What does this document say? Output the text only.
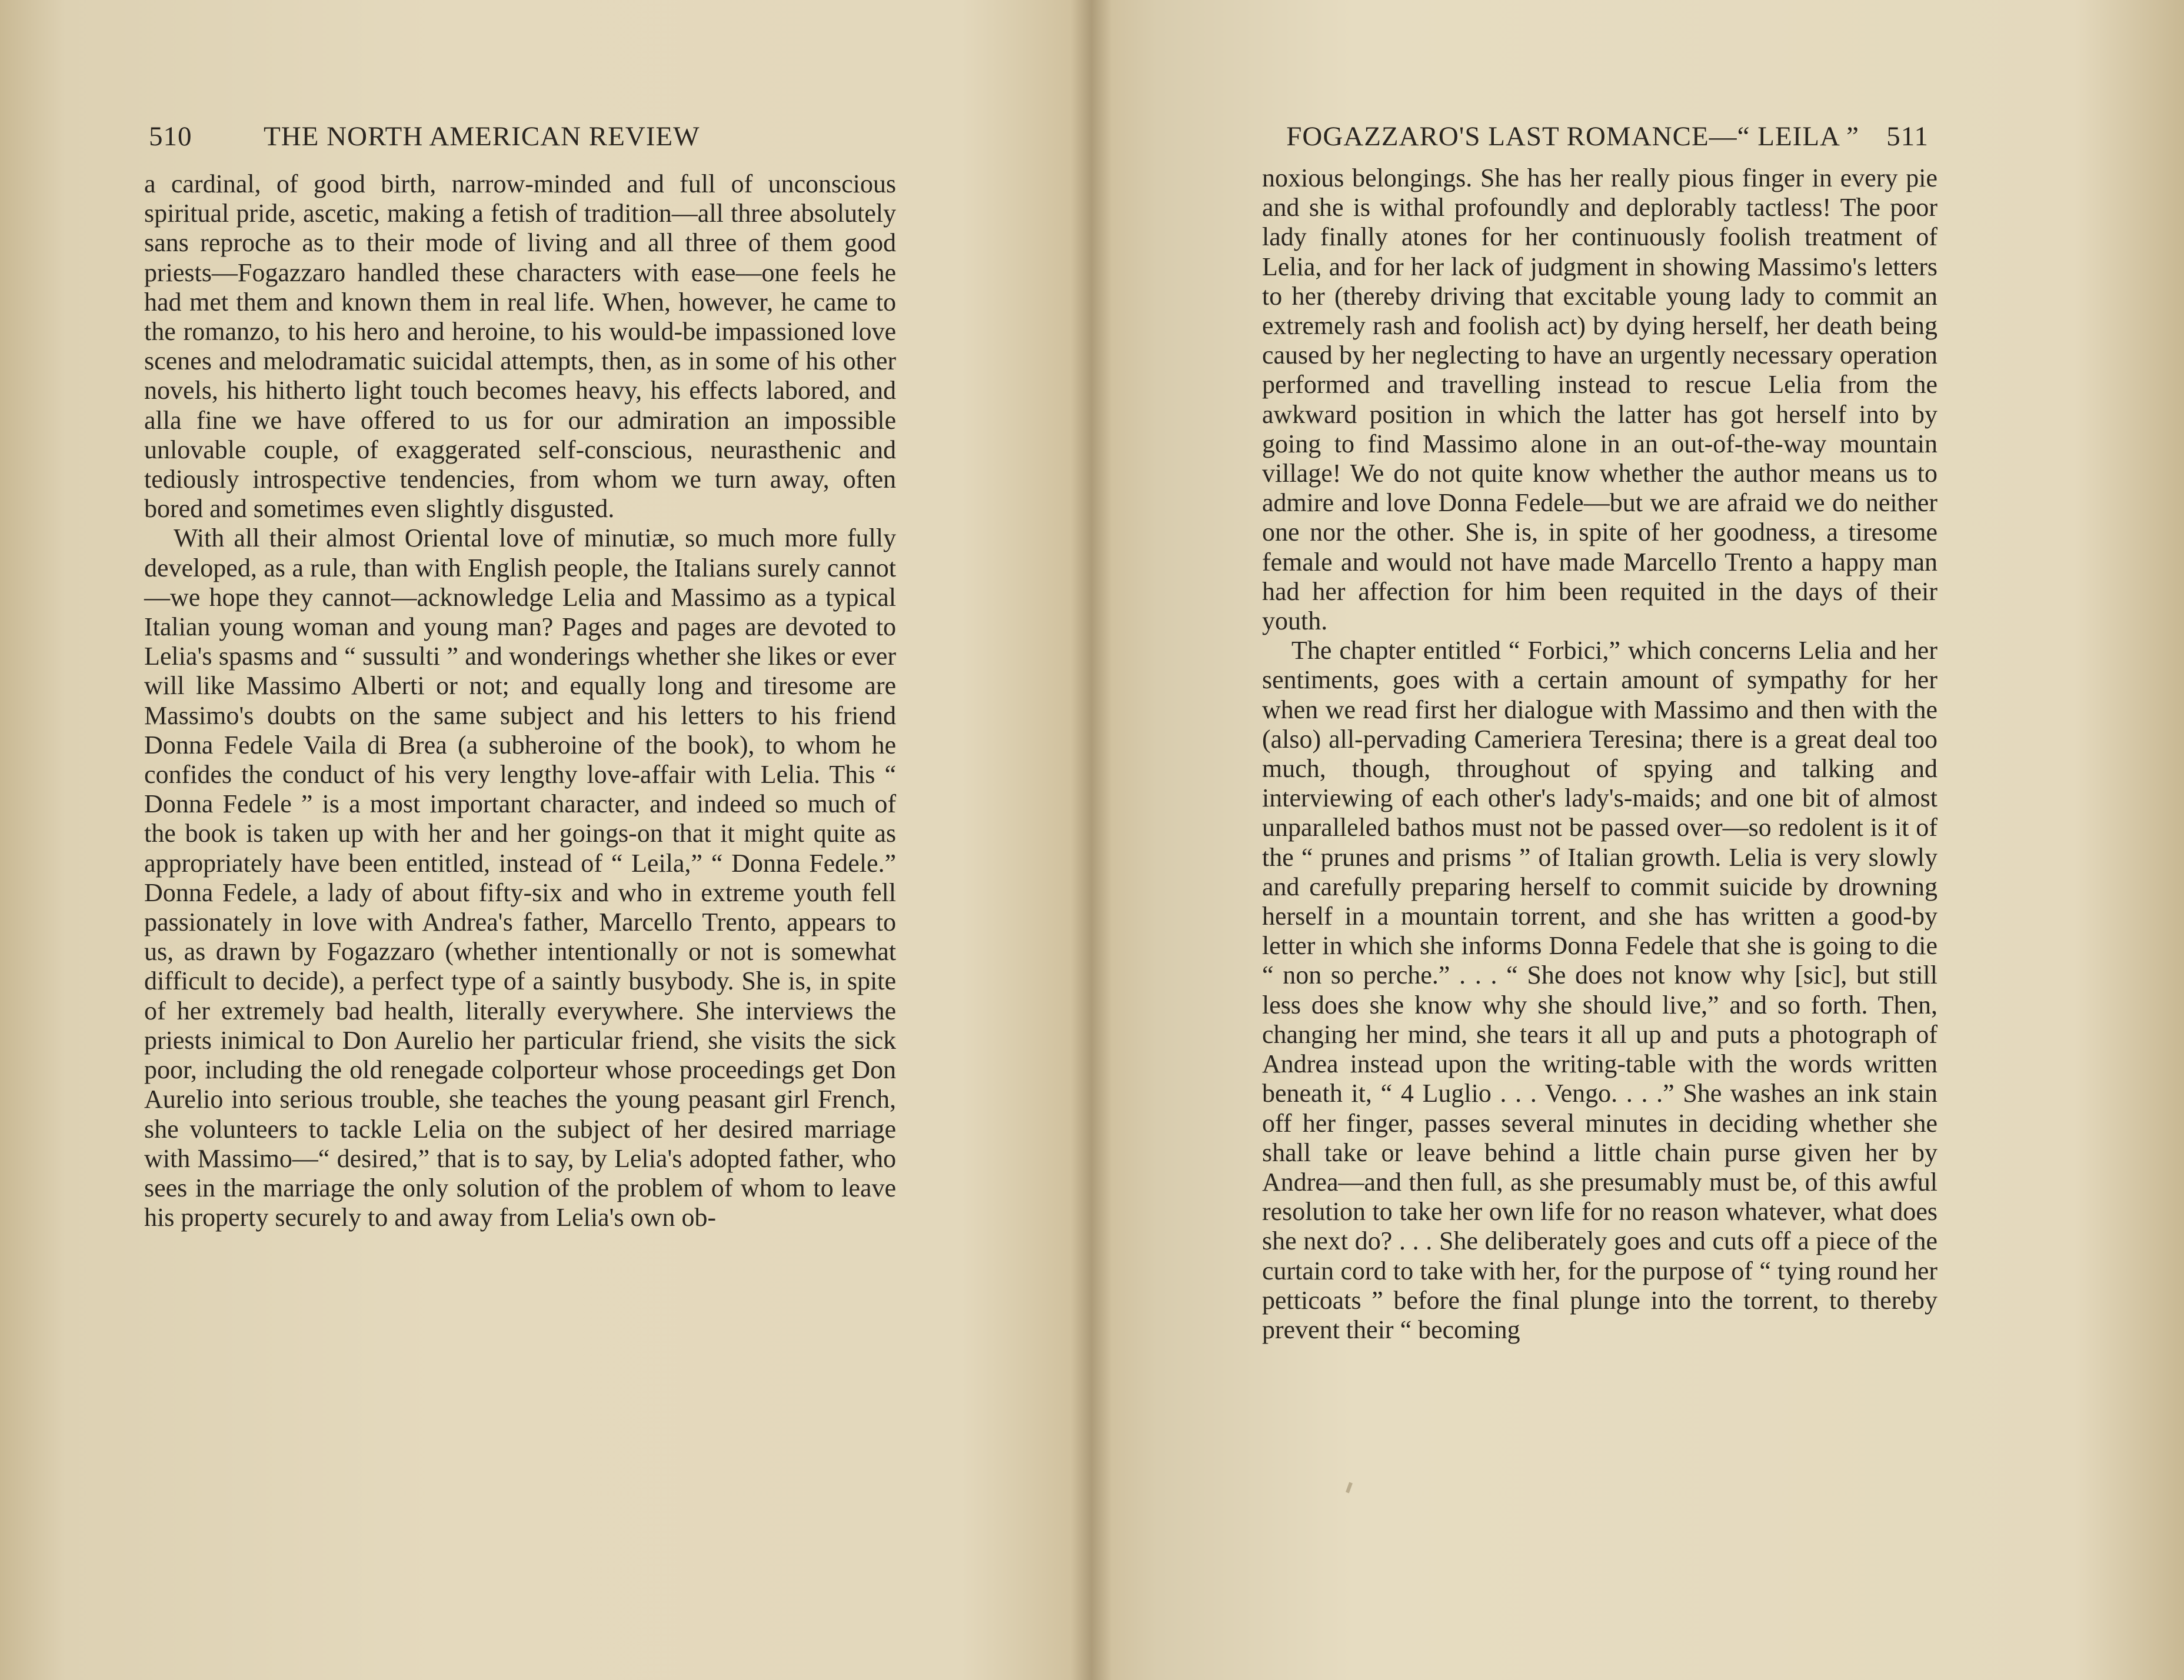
510	THE NORTH AMERICAN REVIEW

a cardinal, of good birth, narrow-minded and full of unconscious spiritual pride, ascetic, making a fetish of tradition—all three absolutely sans reproche as to their mode of living and all three of them good priests—Fogazzaro handled these characters with ease—one feels he had met them and known them in real life. When, however, he came to the romanzo, to his hero and heroine, to his would-be impassioned love scenes and melodramatic suicidal attempts, then, as in some of his other novels, his hitherto light touch becomes heavy, his effects labored, and alla fine we have offered to us for our admiration an impossible unlovable couple, of exaggerated self-conscious, neurasthenic and tediously introspective tendencies, from whom we turn away, often bored and sometimes even slightly disgusted.

With all their almost Oriental love of minutiæ, so much more fully developed, as a rule, than with English people, the Italians surely cannot—we hope they cannot—acknowledge Lelia and Massimo as a typical Italian young woman and young man? Pages and pages are devoted to Lelia's spasms and “ sussulti ” and wonderings whether she likes or ever will like Massimo Alberti or not; and equally long and tiresome are Massimo's doubts on the same subject and his letters to his friend Donna Fedele Vaila di Brea (a subheroine of the book), to whom he confides the conduct of his very lengthy love-affair with Lelia. This “ Donna Fedele ” is a most important character, and indeed so much of the book is taken up with her and her goings-on that it might quite as appropriately have been entitled, instead of “ Leila,” “ Donna Fedele.” Donna Fedele, a lady of about fifty-six and who in extreme youth fell passionately in love with Andrea's father, Marcello Trento, appears to us, as drawn by Fogazzaro (whether intentionally or not is somewhat difficult to decide), a perfect type of a saintly busybody. She is, in spite of her extremely bad health, literally everywhere. She interviews the priests inimical to Don Aurelio her particular friend, she visits the sick poor, including the old renegade colporteur whose proceedings get Don Aurelio into serious trouble, she teaches the young peasant girl French, she volunteers to tackle Lelia on the subject of her desired marriage with Massimo—“ desired,” that is to say, by Lelia's adopted father, who sees in the marriage the only solution of the problem of whom to leave his property securely to and away from Lelia's own ob-

FOGAZZARO'S LAST ROMANCE—“ LEILA ” 511

noxious belongings. She has her really pious finger in every pie and she is withal profoundly and deplorably tactless! The poor lady finally atones for her continuously foolish treatment of Lelia, and for her lack of judgment in showing Massimo's letters to her (thereby driving that excitable young lady to commit an extremely rash and foolish act) by dying herself, her death being caused by her neglecting to have an urgently necessary operation performed and travelling instead to rescue Lelia from the awkward position in which the latter has got herself into by going to find Massimo alone in an out-of-the-way mountain village! We do not quite know whether the author means us to admire and love Donna Fedele—but we are afraid we do neither one nor the other. She is, in spite of her goodness, a tiresome female and would not have made Marcello Trento a happy man had her affection for him been requited in the days of their youth.

The chapter entitled “ Forbici,” which concerns Lelia and her sentiments, goes with a certain amount of sympathy for her when we read first her dialogue with Massimo and then with the (also) all-pervading Cameriera Teresina; there is a great deal too much, though, throughout of spying and talking and interviewing of each other's lady's-maids; and one bit of almost unparalleled bathos must not be passed over—so redolent is it of the “ prunes and prisms ” of Italian growth. Lelia is very slowly and carefully preparing herself to commit suicide by drowning herself in a mountain torrent, and she has written a good-by letter in which she informs Donna Fedele that she is going to die “ non so perche.” . . . “ She does not know why [sic], but still less does she know why she should live,” and so forth. Then, changing her mind, she tears it all up and puts a photograph of Andrea instead upon the writing-table with the words written beneath it, “ 4 Luglio . . . Vengo. . . .” She washes an ink stain off her finger, passes several minutes in deciding whether she shall take or leave behind a little chain purse given her by Andrea—and then full, as she presumably must be, of this awful resolution to take her own life for no reason whatever, what does she next do? . . . She deliberately goes and cuts off a piece of the curtain cord to take with her, for the purpose of “ tying round her petticoats ” before the final plunge into the torrent, to thereby prevent their “ becoming
